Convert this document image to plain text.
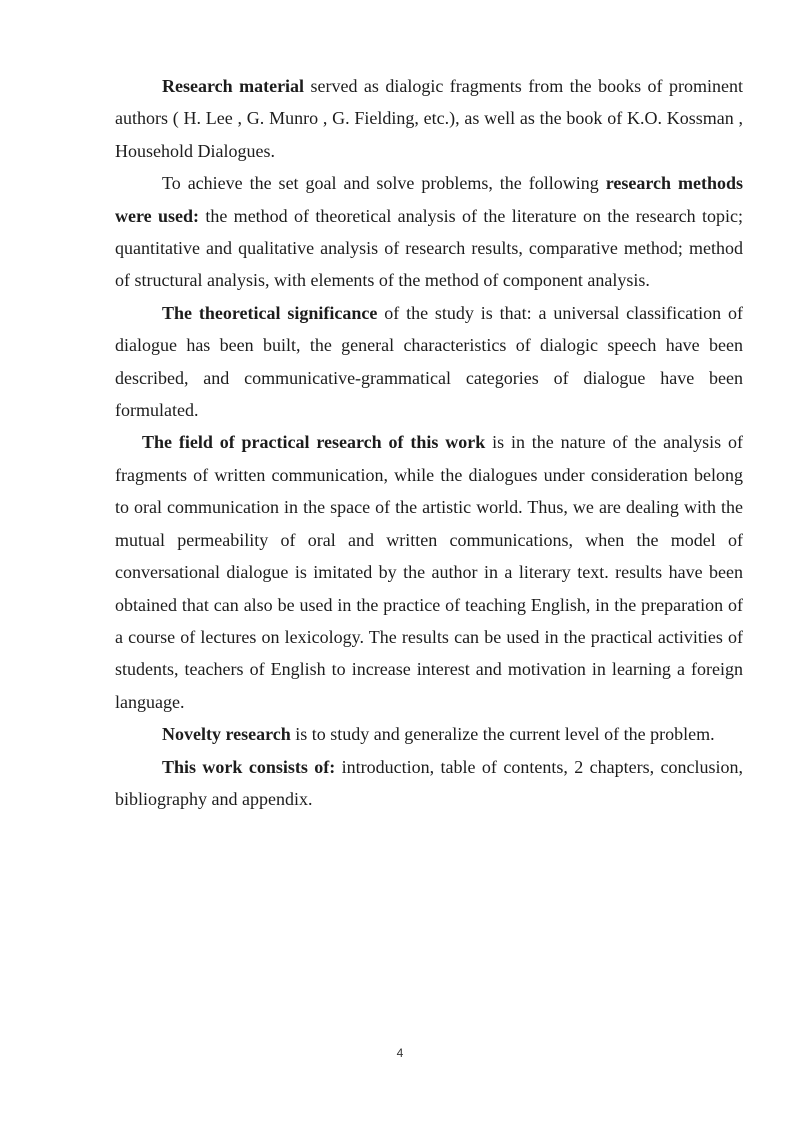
Research material served as dialogic fragments from the books of prominent authors ( H. Lee , G. Munro , G. Fielding, etc.), as well as the book of K.O. Kossman , Household Dialogues.

To achieve the set goal and solve problems, the following research methods were used: the method of theoretical analysis of the literature on the research topic; quantitative and qualitative analysis of research results, comparative method; method of structural analysis, with elements of the method of component analysis.

The theoretical significance of the study is that: a universal classification of dialogue has been built, the general characteristics of dialogic speech have been described, and communicative-grammatical categories of dialogue have been formulated.

The field of practical research of this work is in the nature of the analysis of fragments of written communication, while the dialogues under consideration belong to oral communication in the space of the artistic world. Thus, we are dealing with the mutual permeability of oral and written communications, when the model of conversational dialogue is imitated by the author in a literary text. results have been obtained that can also be used in the practice of teaching English, in the preparation of a course of lectures on lexicology. The results can be used in the practical activities of students, teachers of English to increase interest and motivation in learning a foreign language.

Novelty research is to study and generalize the current level of the problem.

This work consists of: introduction, table of contents, 2 chapters, conclusion, bibliography and appendix.

4
